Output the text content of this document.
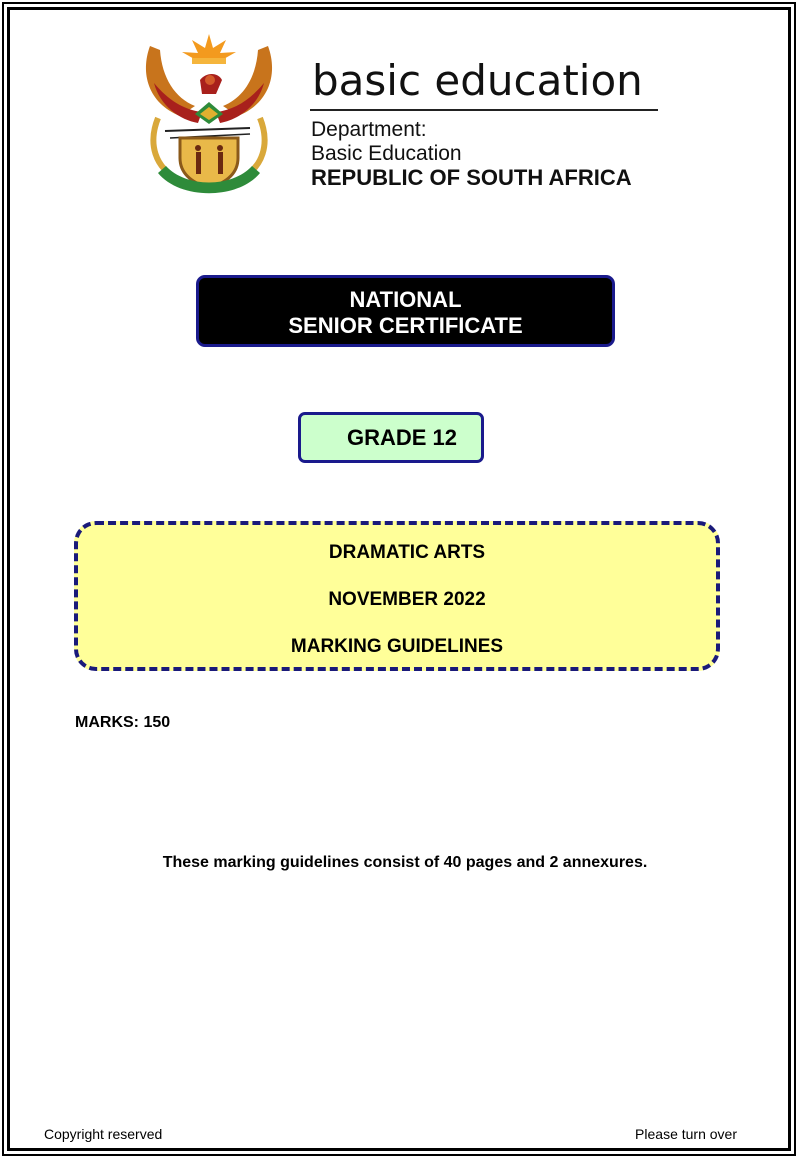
basic education
Department:
Basic Education
REPUBLIC OF SOUTH AFRICA
NATIONAL
SENIOR CERTIFICATE
GRADE 12
DRAMATIC ARTS
NOVEMBER 2022
MARKING GUIDELINES
MARKS: 150
These marking guidelines consist of 40 pages and 2 annexures.
Copyright reserved	Please turn over
